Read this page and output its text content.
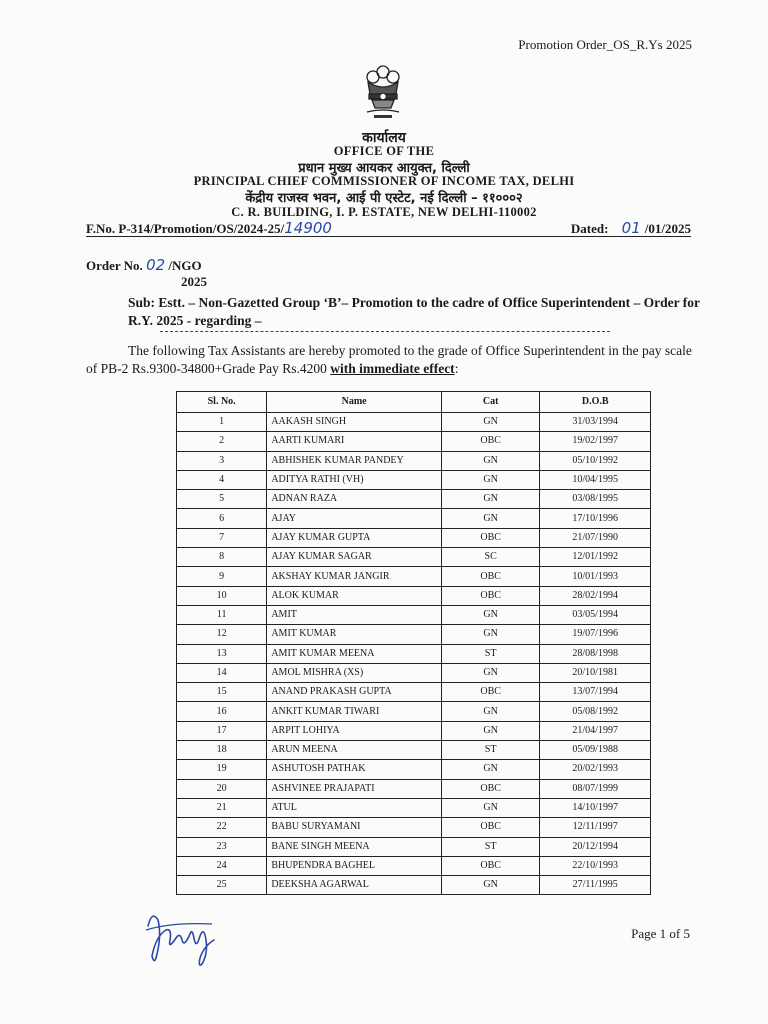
Promotion Order_OS_R.Ys 2025
कार्यालय
OFFICE OF THE
प्रधान मुख्य आयकर आयुक्त, दिल्ली
PRINCIPAL CHIEF COMMISSIONER OF INCOME TAX, DELHI
केंद्रीय राजस्व भवन, आई पी एस्टेट, नई दिल्ली – ११०००२
C. R. BUILDING, I. P. ESTATE, NEW DELHI-110002
F.No. P-314/Promotion/OS/2024-25/14900	Dated: 01 /01/2025
Order No. 02 /NGO
2025
Sub: Estt. – Non-Gazetted Group ‘B’– Promotion to the cadre of Office Superintendent – Order for R.Y. 2025 - regarding –
The following Tax Assistants are hereby promoted to the grade of Office Superintendent in the pay scale of PB-2 Rs.9300-34800+Grade Pay Rs.4200 with immediate effect:
Sl. No.	Name	Cat	D.O.B
1	AAKASH SINGH	GN	31/03/1994
2	AARTI KUMARI	OBC	19/02/1997
3	ABHISHEK KUMAR PANDEY	GN	05/10/1992
4	ADITYA RATHI (VH)	GN	10/04/1995
5	ADNAN RAZA	GN	03/08/1995
6	AJAY	GN	17/10/1996
7	AJAY KUMAR GUPTA	OBC	21/07/1990
8	AJAY KUMAR SAGAR	SC	12/01/1992
9	AKSHAY KUMAR JANGIR	OBC	10/01/1993
10	ALOK KUMAR	OBC	28/02/1994
11	AMIT	GN	03/05/1994
12	AMIT KUMAR	GN	19/07/1996
13	AMIT KUMAR MEENA	ST	28/08/1998
14	AMOL MISHRA (XS)	GN	20/10/1981
15	ANAND PRAKASH GUPTA	OBC	13/07/1994
16	ANKIT KUMAR TIWARI	GN	05/08/1992
17	ARPIT LOHIYA	GN	21/04/1997
18	ARUN MEENA	ST	05/09/1988
19	ASHUTOSH PATHAK	GN	20/02/1993
20	ASHVINEE PRAJAPATI	OBC	08/07/1999
21	ATUL	GN	14/10/1997
22	BABU SURYAMANI	OBC	12/11/1997
23	BANE SINGH MEENA	ST	20/12/1994
24	BHUPENDRA BAGHEL	OBC	22/10/1993
25	DEEKSHA AGARWAL	GN	27/11/1995
Page 1 of 5
